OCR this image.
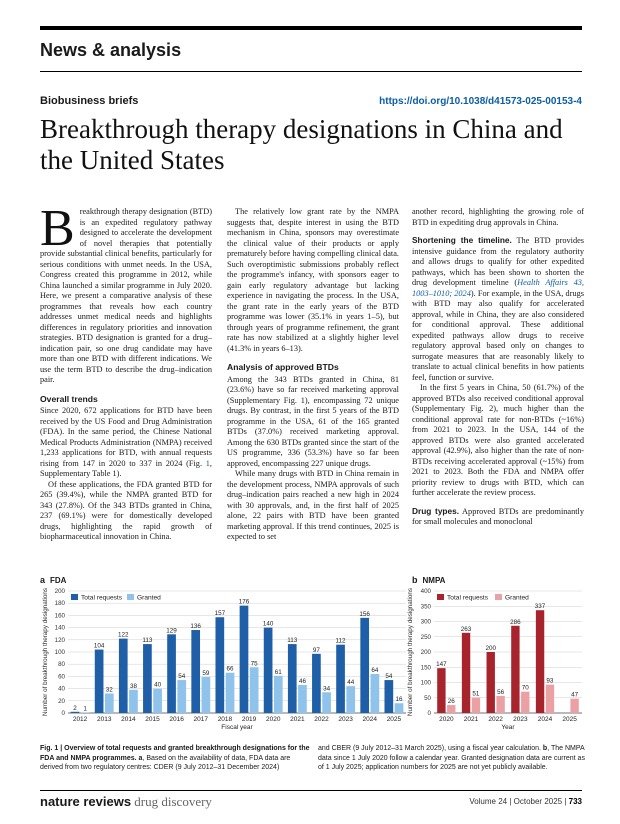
News & analysis
Biobusiness briefs	https://doi.org/10.1038/d41573-025-00153-4
Breakthrough therapy designations in China and the United States

Breakthrough therapy designation (BTD) is an expedited regulatory pathway designed to accelerate the development of novel therapies that potentially provide substantial clinical benefits, particularly for serious conditions with unmet needs. In the USA, Congress created this programme in 2012, while China launched a similar programme in July 2020. Here, we present a comparative analysis of these programmes that reveals how each country addresses unmet medical needs and highlights differences in regulatory priorities and innovation strategies. BTD designation is granted for a drug–indication pair, so one drug candidate may have more than one BTD with different indications. We use the term BTD to describe the drug–indication pair.

Overall trends

Since 2020, 672 applications for BTD have been received by the US Food and Drug Administration (FDA). In the same period, the Chinese National Medical Products Administration (NMPA) received 1,233 applications for BTD, with annual requests rising from 147 in 2020 to 337 in 2024 (Fig. 1, Supplementary Table 1).

Of these applications, the FDA granted BTD for 265 (39.4%), while the NMPA granted BTD for 343 (27.8%). Of the 343 BTDs granted in China, 237 (69.1%) were for domestically developed drugs, highlighting the rapid growth of biopharmaceutical innovation in China.

The relatively low grant rate by the NMPA suggests that, despite interest in using the BTD mechanism in China, sponsors may overestimate the clinical value of their products or apply prematurely before having compelling clinical data. Such overoptimistic submissions probably reflect the programme's infancy, with sponsors eager to gain early regulatory advantage but lacking experience in navigating the process. In the USA, the grant rate in the early years of the BTD programme was lower (35.1% in years 1–5), but through years of programme refinement, the grant rate has now stabilized at a slightly higher level (41.3% in years 6–13).

Analysis of approved BTDs

Among the 343 BTDs granted in China, 81 (23.6%) have so far received marketing approval (Supplementary Fig. 1), encompassing 72 unique drugs. By contrast, in the first 5 years of the BTD programme in the USA, 61 of the 165 granted BTDs (37.0%) received marketing approval. Among the 630 BTDs granted since the start of the US programme, 336 (53.3%) have so far been approved, encompassing 227 unique drugs.

While many drugs with BTD in China remain in the development process, NMPA approvals of such drug–indication pairs reached a new high in 2024 with 30 approvals, and, in the first half of 2025 alone, 22 pairs with BTD have been granted marketing approval. If this trend continues, 2025 is expected to set

another record, highlighting the growing role of BTD in expediting drug approvals in China.

Shortening the timeline. The BTD provides intensive guidance from the regulatory authority and allows drugs to qualify for other expedited pathways, which has been shown to shorten the drug development timeline (Health Affairs 43, 1003–1010; 2024). For example, in the USA, drugs with BTD may also qualify for accelerated approval, while in China, they are also considered for conditional approval. These additional expedited pathways allow drugs to receive regulatory approval based only on changes to surrogate measures that are reasonably likely to translate to actual clinical benefits in how patients feel, function or survive.

In the first 5 years in China, 50 (61.7%) of the approved BTDs also received conditional approval (Supplementary Fig. 2), much higher than the conditional approval rate for non-BTDs (~16%) from 2021 to 2023. In the USA, 144 of the approved BTDs were also granted accelerated approval (42.9%), also higher than the rate of non-BTDs receiving accelerated approval (~15%) from 2021 to 2023. Both the FDA and NMPA offer priority review to drugs with BTD, which can further accelerate the review process.

Drug types. Approved BTDs are predominantly for small molecules and monoclonal

a FDA	b NMPA
Number of breakthrough therapy designations 0
20
40
60
80
100
120
140
160
180
200
2 1
2012
104
32
2013
122
38
2014
113
40
2015
129
54
2016
136
59
2017
157
66
2018
176
75
2019
140
61
2020
113
46
2021
97
34
2022
112
44
2023
156
64
2024
54
16
2025
Fiscal year
Total requests Granted	Number of breakthrough therapy designations 0
50
100
150
200
250
300
350
400
147
26
2020
263
51
2021
200
56
2022
286
70
2023
337
93
2024
47
2025
Year
Total requests	Granted
Fig. 1 | Overview of total requests and granted breakthrough designations for the FDA and NMPA programmes. a, Based on the availability of data, FDA data are derived from two regulatory centres: CDER (9 July 2012–31 December 2024)
and CBER (9 July 2012–31 March 2025), using a fiscal year calculation. b, The NMPA data since 1 July 2020 follow a calendar year. Granted designation data are current as of 1 July 2025; application numbers for 2025 are not yet publicly available.
nature reviews drug discovery	Volume 24 | October 2025 | 733
